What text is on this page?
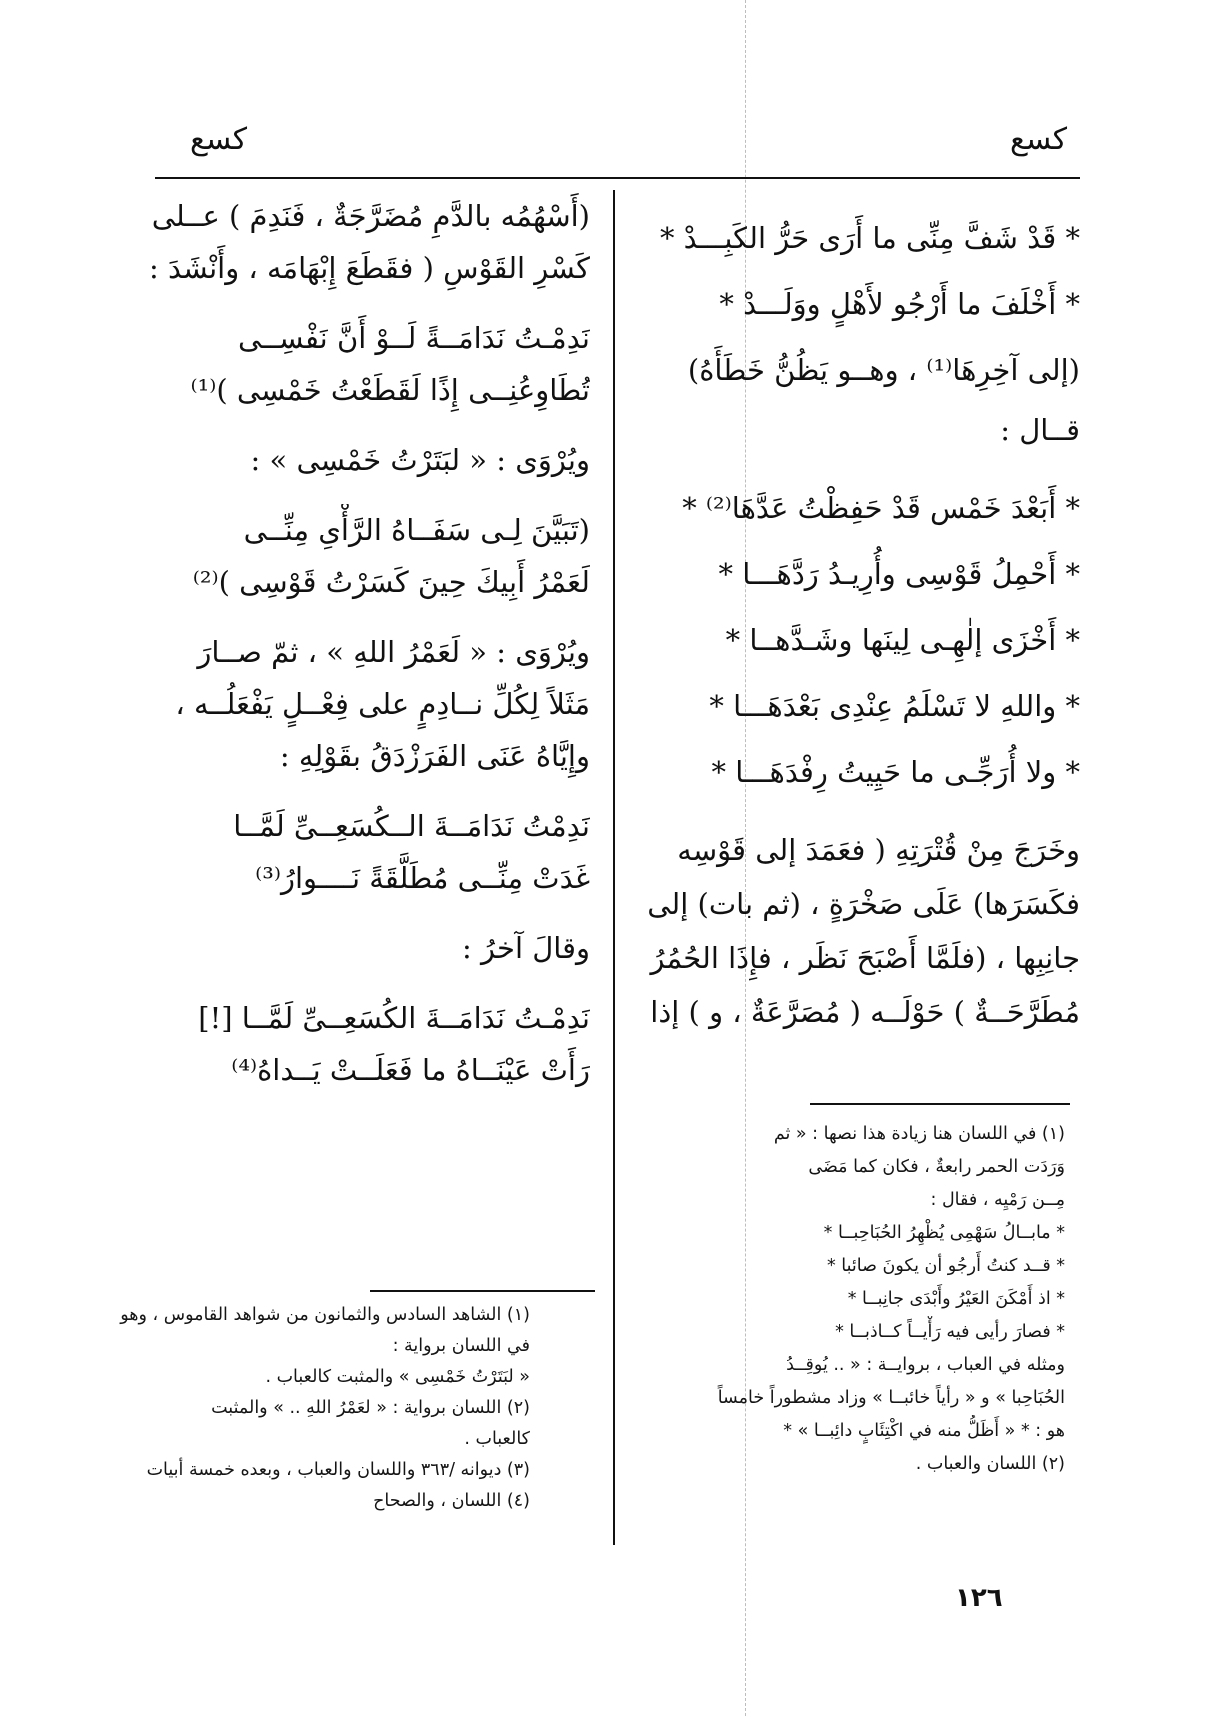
كسع	كسع
* قَدْ شَفَّ مِنِّى ما أَرَى حَرُّ الكَبِـــدْ *
* أَخْلَفَ ما أَرْجُو لأَهْلٍ ووَلَـــدْ *
(إلى آخِرِهَا⁽¹⁾ ، وهــو يَظُنُّ خَطَأَهُ)
قــال :
* أَبَعْدَ خَمْس قَدْ حَفِظْتُ عَدَّهَا⁽²⁾ *
* أَحْمِلُ قَوْسِى وأُرِيـدُ رَدَّهَـــا *
* أَخْزَى إلٰهِـى لِينَها وشَـدَّهــا *
* واللهِ لا تَسْلَمُ عِنْدِى بَعْدَهَـــا *
* ولا أُرَجِّـى ما حَيِيتُ رِفْدَهَـــا *
وخَرَجَ مِنْ قُتْرَتِهِ ( فعَمَدَ إلى قَوْسِه
فكَسَرَها) عَلَى صَخْرَةٍ ، (ثم بات) إلى
جانِبِها ، (فلَمَّا أَصْبَحَ نَظَر ، فإِذَا الحُمُرُ
مُطَرَّحَــةٌ ) حَوْلَــه ( مُصَرَّعَةٌ ، و ) إذا
(أَسْهُمُه بالدَّمِ مُضَرَّجَةٌ ، فَنَدِمَ ) عــلى
كَسْرِ القَوْسِ ( فقَطَعَ إِبْهَامَه ، وأَنْشَدَ :
نَدِمْـتُ نَدَامَــةً لَــوْ أَنَّ نَفْسِــى
تُطَاوِعُنِــى إِذًا لَقَطَعْتُ خَمْسِى )⁽¹⁾
ويُرْوَى : « لبَتَرْتُ خَمْسِى » :
(تَبَيَّنَ لِـى سَفَــاهُ الرَّأْىِ مِنِّــى
لَعَمْرُ أَبِيكَ حِينَ كَسَرْتُ قَوْسِى )⁽²⁾
ويُرْوَى : « لَعَمْرُ اللهِ » ، ثمّ صــارَ
مَثَلاً لِكُلِّ نــادِمٍ على فِعْــلٍ يَفْعَلُــه ،
وإِيَّاهُ عَنَى الفَرَزْدَقُ بقَوْلِهِ :
نَدِمْتُ نَدَامَــةَ الــكُسَعِــىِّ لَمَّــا
غَدَتْ مِنِّــى مُطَلَّقَةً نَــــوارُ⁽³⁾
وقالَ آخرُ :
نَدِمْـتُ نَدَامَــةَ الكُسَعِــىِّ لَمَّــا [!]
رَأَتْ عَيْنَــاهُ ما فَعَلَــتْ يَــداهُ⁽⁴⁾
(١) في اللسان هنا زيادة هذا نصها : « ثم
وَرَدَت الحمر رابعةٌ ، فكان كما مَضَى
مِــن رَمْيِه ، فقال :
* مابــالُ سَهْمِى يُظْهِرُ الحُبَاحِبــا *
* قــد كنتُ أَرجُو أن يكونَ صائبا *
* اذ أَمْكَنَ العَيْرُ وأَبْدَى جانِبــا *
* فصارَ رأيى فيه رَأْيــاً كــاذبــا *
ومثله في العباب ، بروايــة : « .. يُوقِــدُ
الحُبَاحِبا » و « رأياً خائبــا » وزاد مشطوراً خامساً
هو : * « أَظَلُّ منه في اكْتِئَابٍ دائِبــا » *
(٢) اللسان والعباب .
(١) الشاهد السادس والثمانون من شواهد القاموس ، وهو
في اللسان برواية :
« لبَتَرْتُ خَمْسِى » والمثبت كالعباب .
(٢) اللسان برواية : « لعَمْرُ اللهِ .. » والمثبت
كالعباب .
(٣) ديوانه /٣٦٣ واللسان والعباب ، وبعده خمسة أبيات
(٤) اللسان ، والصحاح
١٢٦
